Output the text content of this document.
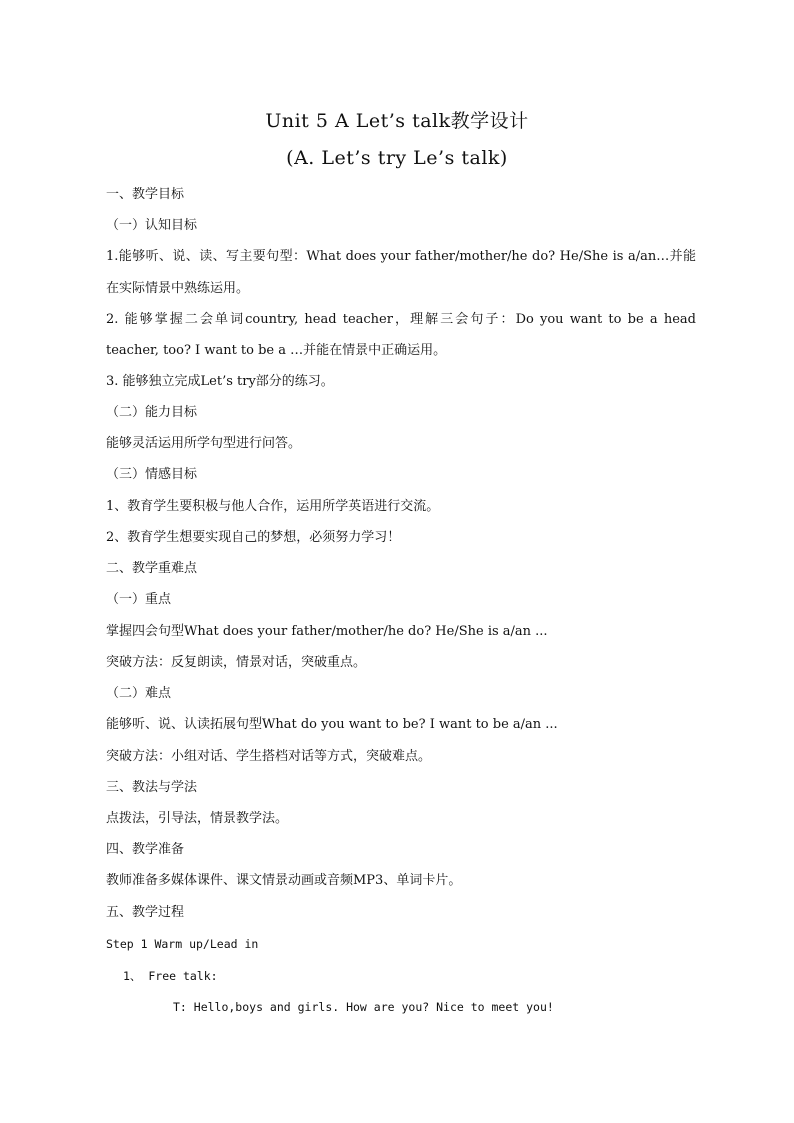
Unit 5 A Let’s talk教学设计
(A. Let’s try Le’s talk)
一、教学目标
（一）认知目标
1.能够听、说、读、写主要句型：What does your father/mother/he do? He/She is a/an…并能
在实际情景中熟练运用。
2. 能够掌握二会单词country, head teacher，理解三会句子：Do you want to be a head
teacher, too? I want to be a …并能在情景中正确运用。
3. 能够独立完成Let’s try部分的练习。
（二）能力目标
能够灵活运用所学句型进行问答。
（三）情感目标
1、教育学生要积极与他人合作，运用所学英语进行交流。
2、教育学生想要实现自己的梦想，必须努力学习！
二、教学重难点
（一）重点
掌握四会句型What does your father/mother/he do? He/She is a/an ...
突破方法：反复朗读，情景对话，突破重点。
（二）难点
能够听、说、认读拓展句型What do you want to be? I want to be a/an ...
突破方法：小组对话、学生搭档对话等方式，突破难点。
三、教法与学法
点拨法，引导法，情景教学法。
四、教学准备
教师准备多媒体课件、课文情景动画或音频MP3、单词卡片。
五、教学过程
Step 1 Warm up/Lead in
1、 Free talk:
T: Hello,boys and girls. How are you? Nice to meet you!
